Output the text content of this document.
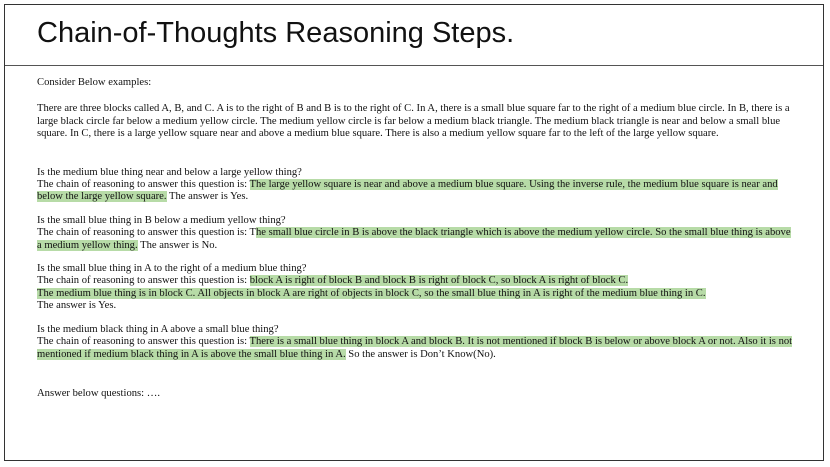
Chain-of-Thoughts Reasoning Steps.

Consider Below examples:

There are three blocks called A, B, and C. A is to the right of B and B is to the right of C. In A, there is a small blue square far to the right of a medium blue circle. In B, there is a large black circle far below a medium yellow circle. The medium yellow circle is far below a medium black triangle. The medium black triangle is near and below a small blue square. In C, there is a large yellow square near and above a medium blue square. There is also a medium yellow square far to the left of the large yellow square.

Is the medium blue thing near and below a large yellow thing?
The chain of reasoning to answer this question is: The large yellow square is near and above a medium blue square. Using the inverse rule, the medium blue square is near and below the large yellow square. The answer is Yes.
Is the small blue thing in B below a medium yellow thing?
The chain of reasoning to answer this question is: The small blue circle in B is above the black triangle which is above the medium yellow circle. So the small blue thing is above a medium yellow thing. The answer is No.
Is the small blue thing in A to the right of a medium blue thing?
The chain of reasoning to answer this question is: block A is right of block B and block B is right of block C, so block A is right of block C.
The medium blue thing is in block C. All objects in block A are right of objects in block C, so the small blue thing in A is right of the medium blue thing in C.
The answer is Yes.
Is the medium black thing in A above a small blue thing?
The chain of reasoning to answer this question is: There is a small blue thing in block A and block B. It is not mentioned if block B is below or above block A or not. Also it is not mentioned if medium black thing in A is above the small blue thing in A. So the answer is Don’t Know(No).

Answer below questions: ….
